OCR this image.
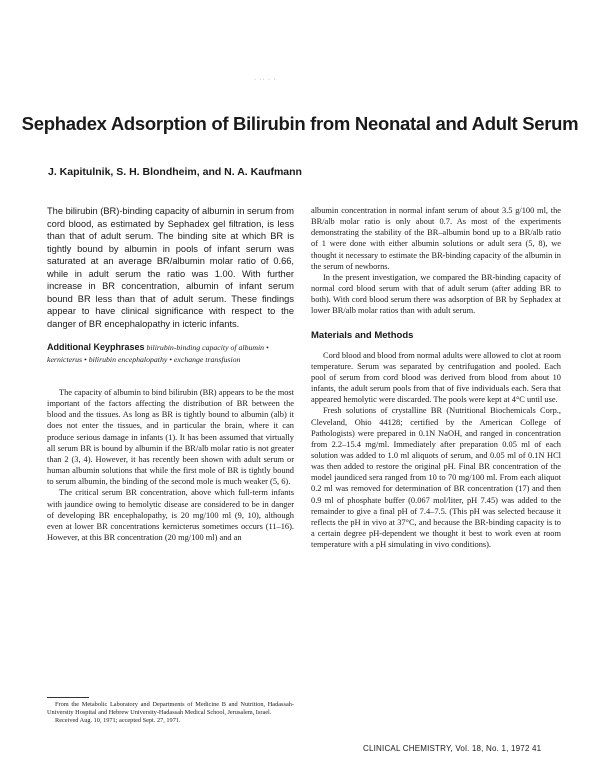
· ·· · ·
Sephadex Adsorption of Bilirubin from Neonatal and Adult Serum
J. Kapitulnik, S. H. Blondheim, and N. A. Kaufmann

The bilirubin (BR)-binding capacity of albumin in serum from cord blood, as estimated by Sephadex gel filtration, is less than that of adult serum. The binding site at which BR is tightly bound by albumin in pools of infant serum was saturated at an average BR/albumin molar ratio of 0.66, while in adult serum the ratio was 1.00. With further increase in BR concentration, albumin of infant serum bound BR less than that of adult serum. These findings appear to have clinical significance with respect to the danger of BR encephalopathy in icteric infants.

Additional Keyphrases bilirubin-binding capacity of albumin • kernicterus • bilirubin encephalopathy • exchange transfusion

The capacity of albumin to bind bilirubin (BR) appears to be the most important of the factors affecting the distribution of BR between the blood and the tissues. As long as BR is tightly bound to albumin (alb) it does not enter the tissues, and in particular the brain, where it can produce serious damage in infants (1). It has been assumed that virtually all serum BR is bound by albumin if the BR/alb molar ratio is not greater than 2 (3, 4). However, it has recently been shown with adult serum or human albumin solutions that while the first mole of BR is tightly bound to serum albumin, the binding of the second mole is much weaker (5, 6).

The critical serum BR concentration, above which full-term infants with jaundice owing to hemolytic disease are considered to be in danger of developing BR encephalopathy, is 20 mg/100 ml (9, 10), although even at lower BR concentrations kernicterus sometimes occurs (11–16). However, at this BR concentration (20 mg/100 ml) and an

albumin concentration in normal infant serum of about 3.5 g/100 ml, the BR/alb molar ratio is only about 0.7. As most of the experiments demonstrating the stability of the BR–albumin bond up to a BR/alb ratio of 1 were done with either albumin solutions or adult sera (5, 8), we thought it necessary to estimate the BR-binding capacity of the albumin in the serum of newborns.

In the present investigation, we compared the BR-binding capacity of normal cord blood serum with that of adult serum (after adding BR to both). With cord blood serum there was adsorption of BR by Sephadex at lower BR/alb molar ratios than with adult serum.

Materials and Methods

Cord blood and blood from normal adults were allowed to clot at room temperature. Serum was separated by centrifugation and pooled. Each pool of serum from cord blood was derived from blood from about 10 infants, the adult serum pools from that of five individuals each. Sera that appeared hemolytic were discarded. The pools were kept at 4°C until use.

Fresh solutions of crystalline BR (Nutritional Biochemicals Corp., Cleveland, Ohio 44128; certified by the American College of Pathologists) were prepared in 0.1N NaOH, and ranged in concentration from 2.2–15.4 mg/ml. Immediately after preparation 0.05 ml of each solution was added to 1.0 ml aliquots of serum, and 0.05 ml of 0.1N HCl was then added to restore the original pH. Final BR concentration of the model jaundiced sera ranged from 10 to 70 mg/100 ml. From each aliquot 0.2 ml was removed for determination of BR concentration (17) and then 0.9 ml of phosphate buffer (0.067 mol/liter, pH 7.45) was added to the remainder to give a final pH of 7.4–7.5. (This pH was selected because it reflects the pH in vivo at 37°C, and because the BR-binding capacity is to a certain degree pH-dependent we thought it best to work even at room temperature with a pH simulating in vivo conditions).

From the Metabolic Laboratory and Departments of Medicine B and Nutrition, Hadassah-University Hospital and Hebrew University-Hadassah Medical School, Jerusalem, Israel.

Received Aug. 10, 1971; accepted Sept. 27, 1971.

CLINICAL CHEMISTRY, Vol. 18, No. 1, 1972 41
